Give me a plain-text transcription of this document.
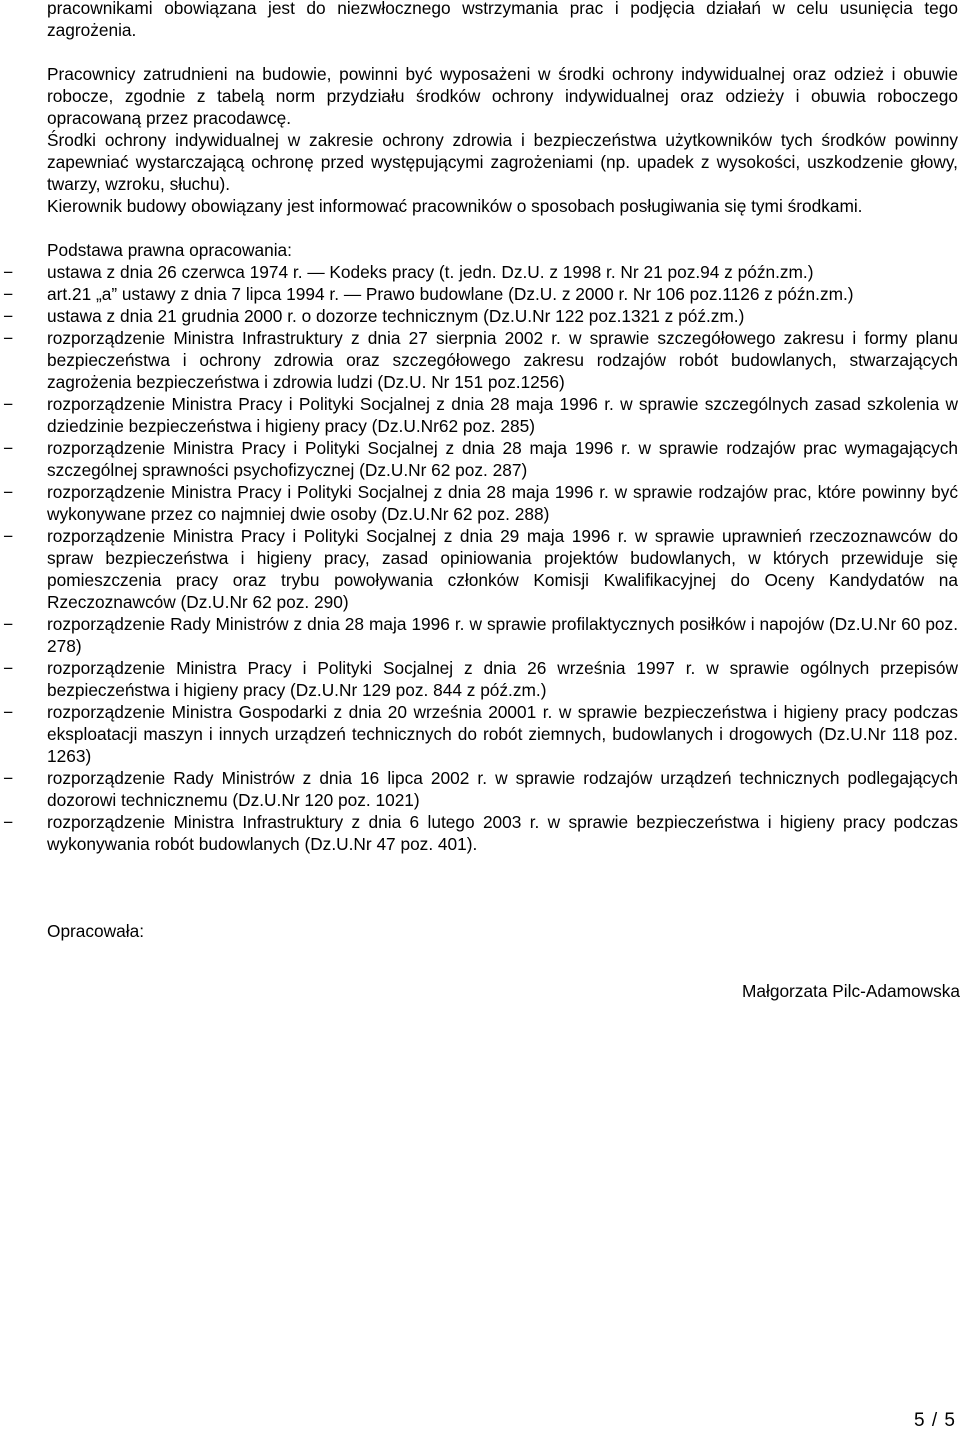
pracownikami obowiązana jest do niezwłocznego wstrzymania prac i podjęcia działań w celu usunięcia tego zagrożenia.

Pracownicy zatrudnieni na budowie, powinni być wyposażeni w środki ochrony indywidualnej oraz odzież i obuwie robocze, zgodnie z tabelą norm przydziału środków ochrony indywidualnej oraz odzieży i obuwia roboczego opracowaną przez pracodawcę.

Środki ochrony indywidualnej w zakresie ochrony zdrowia i bezpieczeństwa użytkowników tych środków powinny zapewniać wystarczającą ochronę przed występującymi zagrożeniami (np. upadek z wysokości, uszkodzenie głowy, twarzy, wzroku, słuchu).

Kierownik budowy obowiązany jest informować pracowników o sposobach posługiwania się tymi środkami.

Podstawa prawna opracowania:

− ustawa z dnia 26 czerwca 1974 r. — Kodeks pracy (t. jedn. Dz.U. z 1998 r. Nr 21 poz.94 z późn.zm.)
− art.21 „a” ustawy z dnia 7 lipca 1994 r. — Prawo budowlane (Dz.U. z 2000 r. Nr 106 poz.1126 z późn.zm.)
− ustawa z dnia 21 grudnia 2000 r. o dozorze technicznym (Dz.U.Nr 122 poz.1321 z póź.zm.)
− rozporządzenie Ministra Infrastruktury z dnia 27 sierpnia 2002 r. w sprawie szczegółowego zakresu i formy planu bezpieczeństwa i ochrony zdrowia oraz szczegółowego zakresu rodzajów robót budowlanych, stwarzających zagrożenia bezpieczeństwa i zdrowia ludzi (Dz.U. Nr 151 poz.1256)
− rozporządzenie Ministra Pracy i Polityki Socjalnej z dnia 28 maja 1996 r. w sprawie szczególnych zasad szkolenia w dziedzinie bezpieczeństwa i higieny pracy (Dz.U.Nr62 poz. 285)
− rozporządzenie Ministra Pracy i Polityki Socjalnej z dnia 28 maja 1996 r. w sprawie rodzajów prac wymagających szczególnej sprawności psychofizycznej (Dz.U.Nr 62 poz. 287)
− rozporządzenie Ministra Pracy i Polityki Socjalnej z dnia 28 maja 1996 r. w sprawie rodzajów prac, które powinny być wykonywane przez co najmniej dwie osoby (Dz.U.Nr 62 poz. 288)
− rozporządzenie Ministra Pracy i Polityki Socjalnej z dnia 29 maja 1996 r. w sprawie uprawnień rzeczoznawców do spraw bezpieczeństwa i higieny pracy, zasad opiniowania projektów budowlanych, w których przewiduje się pomieszczenia pracy oraz trybu powoływania członków Komisji Kwalifikacyjnej do Oceny Kandydatów na Rzeczoznawców (Dz.U.Nr 62 poz. 290)
− rozporządzenie Rady Ministrów z dnia 28 maja 1996 r. w sprawie profilaktycznych posiłków i napojów (Dz.U.Nr 60 poz. 278)
− rozporządzenie Ministra Pracy i Polityki Socjalnej z dnia 26 września 1997 r. w sprawie ogólnych przepisów bezpieczeństwa i higieny pracy (Dz.U.Nr 129 poz. 844 z póź.zm.)
− rozporządzenie Ministra Gospodarki z dnia 20 września 20001 r. w sprawie bezpieczeństwa i higieny pracy podczas eksploatacji maszyn i innych urządzeń technicznych do robót ziemnych, budowlanych i drogowych (Dz.U.Nr 118 poz. 1263)
− rozporządzenie Rady Ministrów z dnia 16 lipca 2002 r. w sprawie rodzajów urządzeń technicznych podlegających dozorowi technicznemu (Dz.U.Nr 120 poz. 1021)
− rozporządzenie Ministra Infrastruktury z dnia 6 lutego 2003 r. w sprawie bezpieczeństwa i higieny pracy podczas wykonywania robót budowlanych (Dz.U.Nr 47 poz. 401).

Opracowała:

Małgorzata Pilc-Adamowska
5 / 5
